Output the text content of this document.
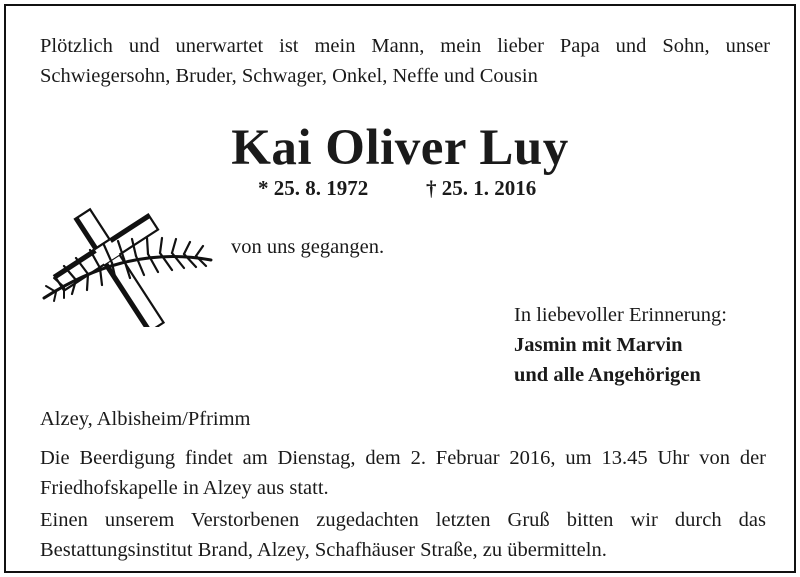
Plötzlich und unerwartet ist mein Mann, mein lieber Papa und Sohn, unser Schwiegersohn, Bruder, Schwager, Onkel, Neffe und Cousin

Kai Oliver Luy
* 25. 8. 1972	† 25. 1. 2016

von uns gegangen.

In liebevoller Erinnerung:

Jasmin mit Marvin
und alle Angehörigen

Alzey, Albisheim/Pfrimm

Die Beerdigung findet am Dienstag, dem 2. Februar 2016, um 13.45 Uhr von der Friedhofskapelle in Alzey aus statt.

Einen unserem Verstorbenen zugedachten letzten Gruß bitten wir durch das Bestattungsinstitut Brand, Alzey, Schafhäuser Straße, zu übermitteln.
